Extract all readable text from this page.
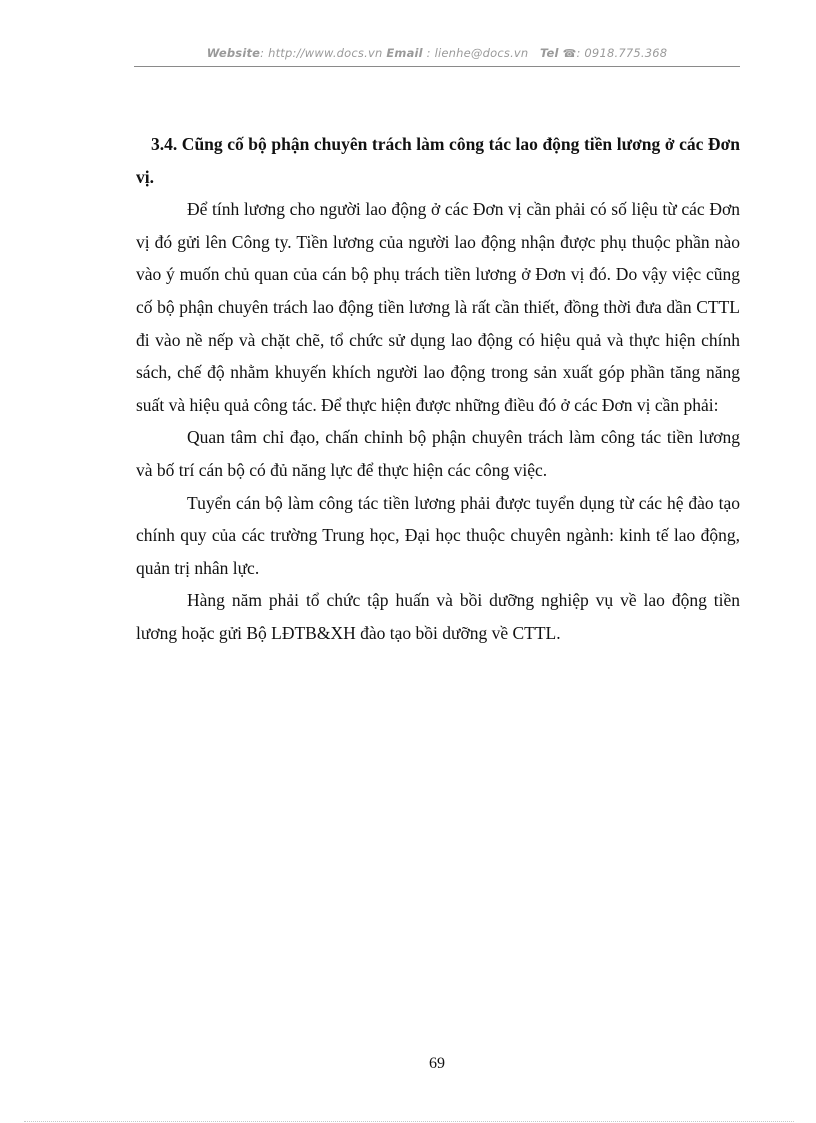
Website: http://www.docs.vn Email : lienhe@docs.vn Tel ☎: 0918.775.368

3.4. Cũng cố bộ phận chuyên trách làm công tác lao động tiền lương ở các Đơn vị.

Để tính lương cho người lao động ở các Đơn vị cần phải có số liệu từ các Đơn vị đó gửi lên Công ty. Tiền lương của người lao động nhận được phụ thuộc phần nào vào ý muốn chủ quan của cán bộ phụ trách tiền lương ở Đơn vị đó. Do vậy việc cũng cố bộ phận chuyên trách lao động tiền lương là rất cần thiết, đồng thời đưa dần CTTL đi vào nề nếp và chặt chẽ, tổ chức sử dụng lao động có hiệu quả và thực hiện chính sách, chế độ nhằm khuyến khích người lao động trong sản xuất góp phần tăng năng suất và hiệu quả công tác. Để thực hiện được những điều đó ở các Đơn vị cần phải:

Quan tâm chỉ đạo, chấn chỉnh bộ phận chuyên trách làm công tác tiền lương và bố trí cán bộ có đủ năng lực để thực hiện các công việc.

Tuyển cán bộ làm công tác tiền lương phải được tuyển dụng từ các hệ đào tạo chính quy của các trường Trung học, Đại học thuộc chuyên ngành: kinh tế lao động, quản trị nhân lực.

Hàng năm phải tổ chức tập huấn và bồi dưỡng nghiệp vụ về lao động tiền lương hoặc gửi Bộ LĐTB&XH đào tạo bồi dưỡng về CTTL.

69
